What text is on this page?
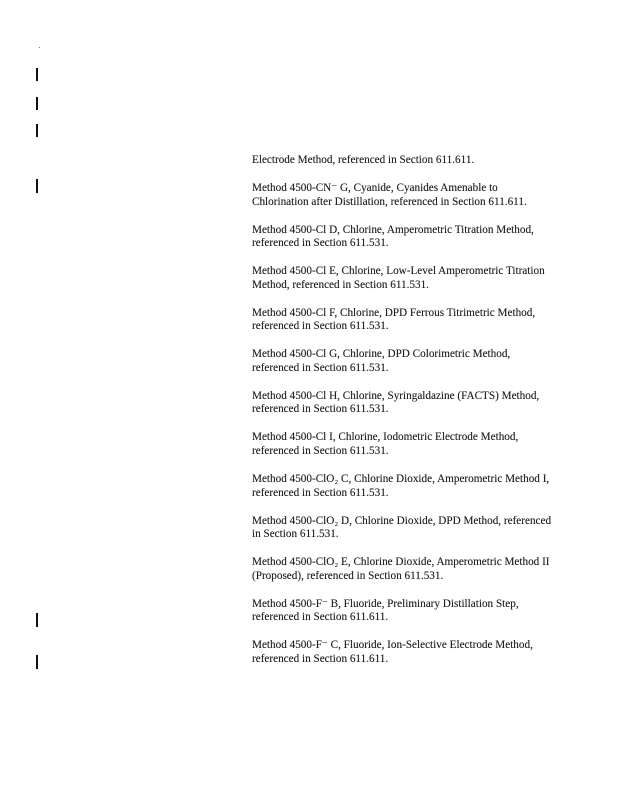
Electrode Method, referenced in Section 611.611.

Method 4500-CN⁻ G, Cyanide, Cyanides Amenable to Chlorination after Distillation, referenced in Section 611.611.

Method 4500-Cl D, Chlorine, Amperometric Titration Method, referenced in Section 611.531.

Method 4500-Cl E, Chlorine, Low-Level Amperometric Titration Method, referenced in Section 611.531.

Method 4500-Cl F, Chlorine, DPD Ferrous Titrimetric Method, referenced in Section 611.531.

Method 4500-Cl G, Chlorine, DPD Colorimetric Method, referenced in Section 611.531.

Method 4500-Cl H, Chlorine, Syringaldazine (FACTS) Method, referenced in Section 611.531.

Method 4500-Cl I, Chlorine, Iodometric Electrode Method, referenced in Section 611.531.

Method 4500-ClO₂ C, Chlorine Dioxide, Amperometric Method I, referenced in Section 611.531.

Method 4500-ClO₂ D, Chlorine Dioxide, DPD Method, referenced in Section 611.531.

Method 4500-ClO₂ E, Chlorine Dioxide, Amperometric Method II (Proposed), referenced in Section 611.531.

Method 4500-F⁻ B, Fluoride, Preliminary Distillation Step, referenced in Section 611.611.

Method 4500-F⁻ C, Fluoride, Ion-Selective Electrode Method, referenced in Section 611.611.
